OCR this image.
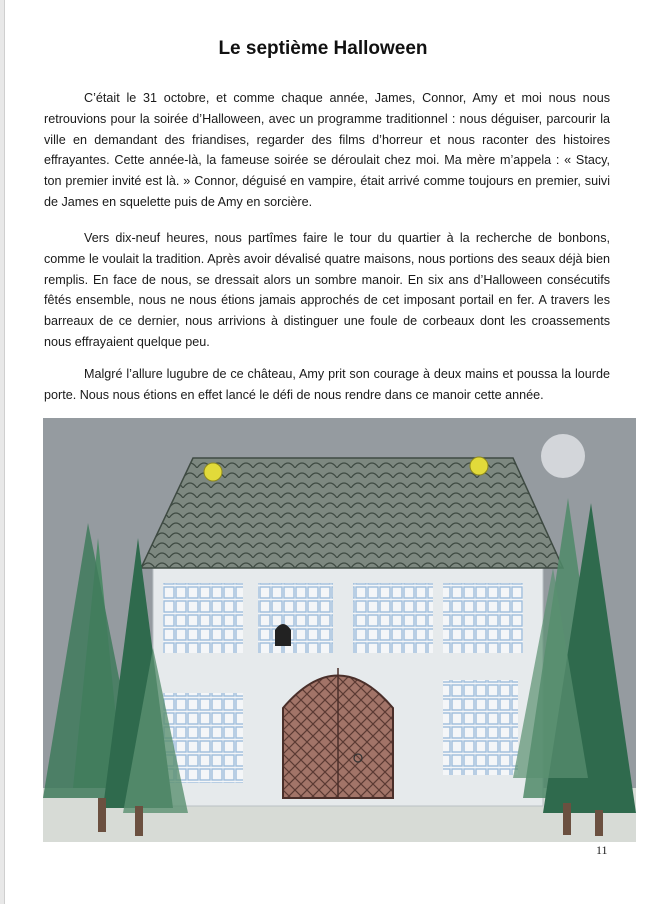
Le septième Halloween

C’était le 31 octobre, et comme chaque année, James, Connor, Amy et moi nous nous retrouvions pour la soirée d’Halloween, avec un programme traditionnel : nous déguiser, parcourir la ville en demandant des friandises, regarder des films d’horreur et nous raconter des histoires effrayantes. Cette année-là, la fameuse soirée se déroulait chez moi. Ma mère m’appela : « Stacy, ton premier invité est là. » Connor, déguisé en vampire, était arrivé comme toujours en premier, suivi de James en squelette puis de Amy en sorcière.

Vers dix-neuf heures, nous partîmes faire le tour du quartier à la recherche de bonbons, comme le voulait la tradition. Après avoir dévalisé quatre maisons, nous portions des seaux déjà bien remplis. En face de nous, se dressait alors un sombre manoir. En six ans d’Halloween consécutifs fêtés ensemble, nous ne nous étions jamais approchés de cet imposant portail en fer. A travers les barreaux de ce dernier, nous arrivions à distinguer une foule de corbeaux dont les croassements nous effrayaient quelque peu.

Malgré l’allure lugubre de ce château, Amy prit son courage à deux mains et poussa la lourde porte. Nous nous étions en effet lancé le défi de nous rendre dans ce manoir cette année.

11
